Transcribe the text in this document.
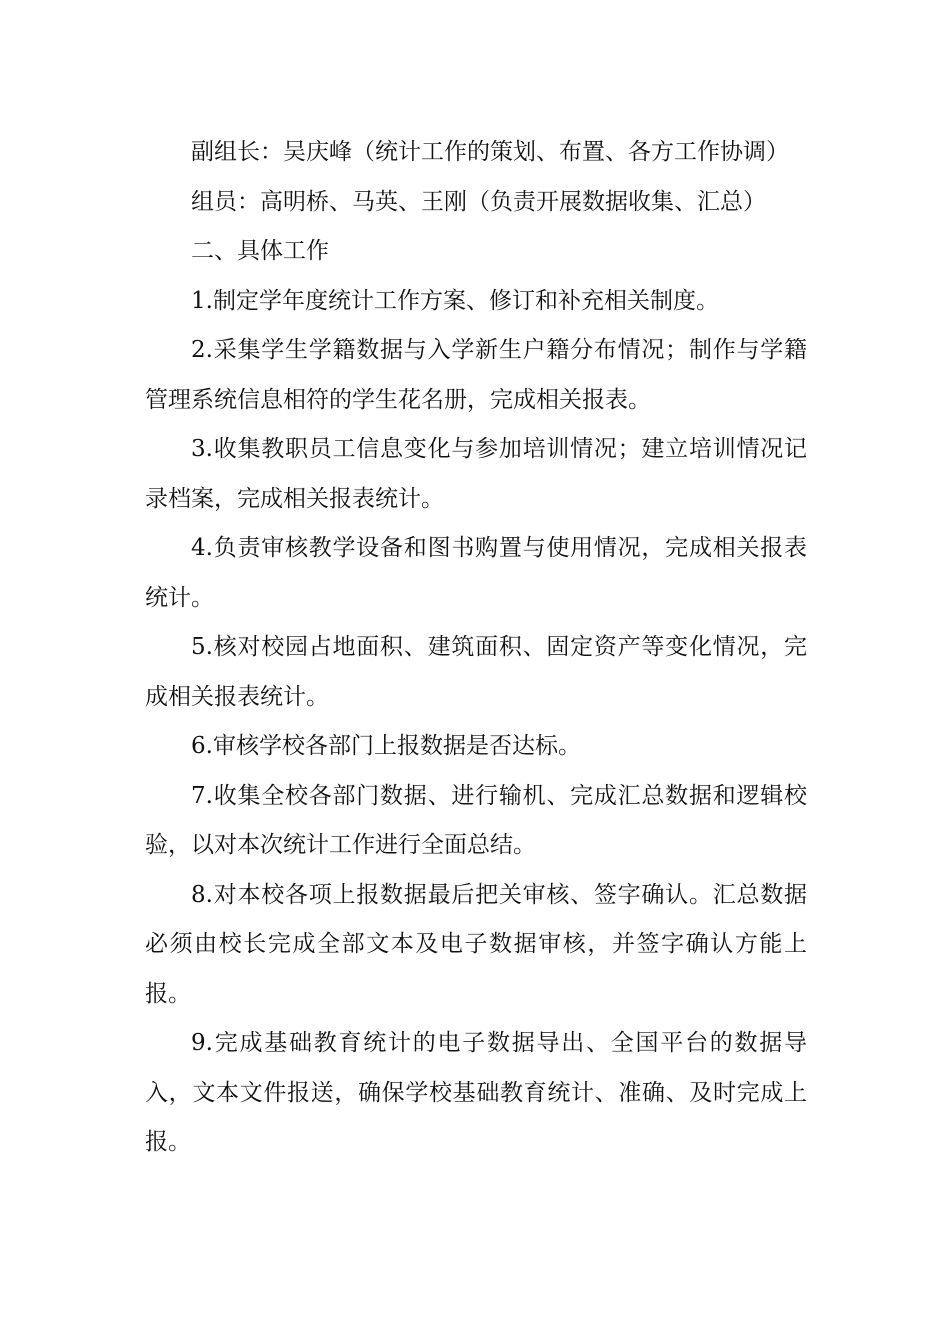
副组长：吴庆峰（统计工作的策划、布置、各方工作协调）

组员：高明桥、马英、王刚（负责开展数据收集、汇总）

二、具体工作

1.制定学年度统计工作方案、修订和补充相关制度。

2.采集学生学籍数据与入学新生户籍分布情况；制作与学籍管理系统信息相符的学生花名册，完成相关报表。

3.收集教职员工信息变化与参加培训情况；建立培训情况记录档案，完成相关报表统计。

4.负责审核教学设备和图书购置与使用情况，完成相关报表统计。

5.核对校园占地面积、建筑面积、固定资产等变化情况，完成相关报表统计。

6.审核学校各部门上报数据是否达标。

7.收集全校各部门数据、进行输机、完成汇总数据和逻辑校验，以对本次统计工作进行全面总结。

8.对本校各项上报数据最后把关审核、签字确认。汇总数据必须由校长完成全部文本及电子数据审核，并签字确认方能上报。

9.完成基础教育统计的电子数据导出、全国平台的数据导入，文本文件报送，确保学校基础教育统计、准确、及时完成上报。
